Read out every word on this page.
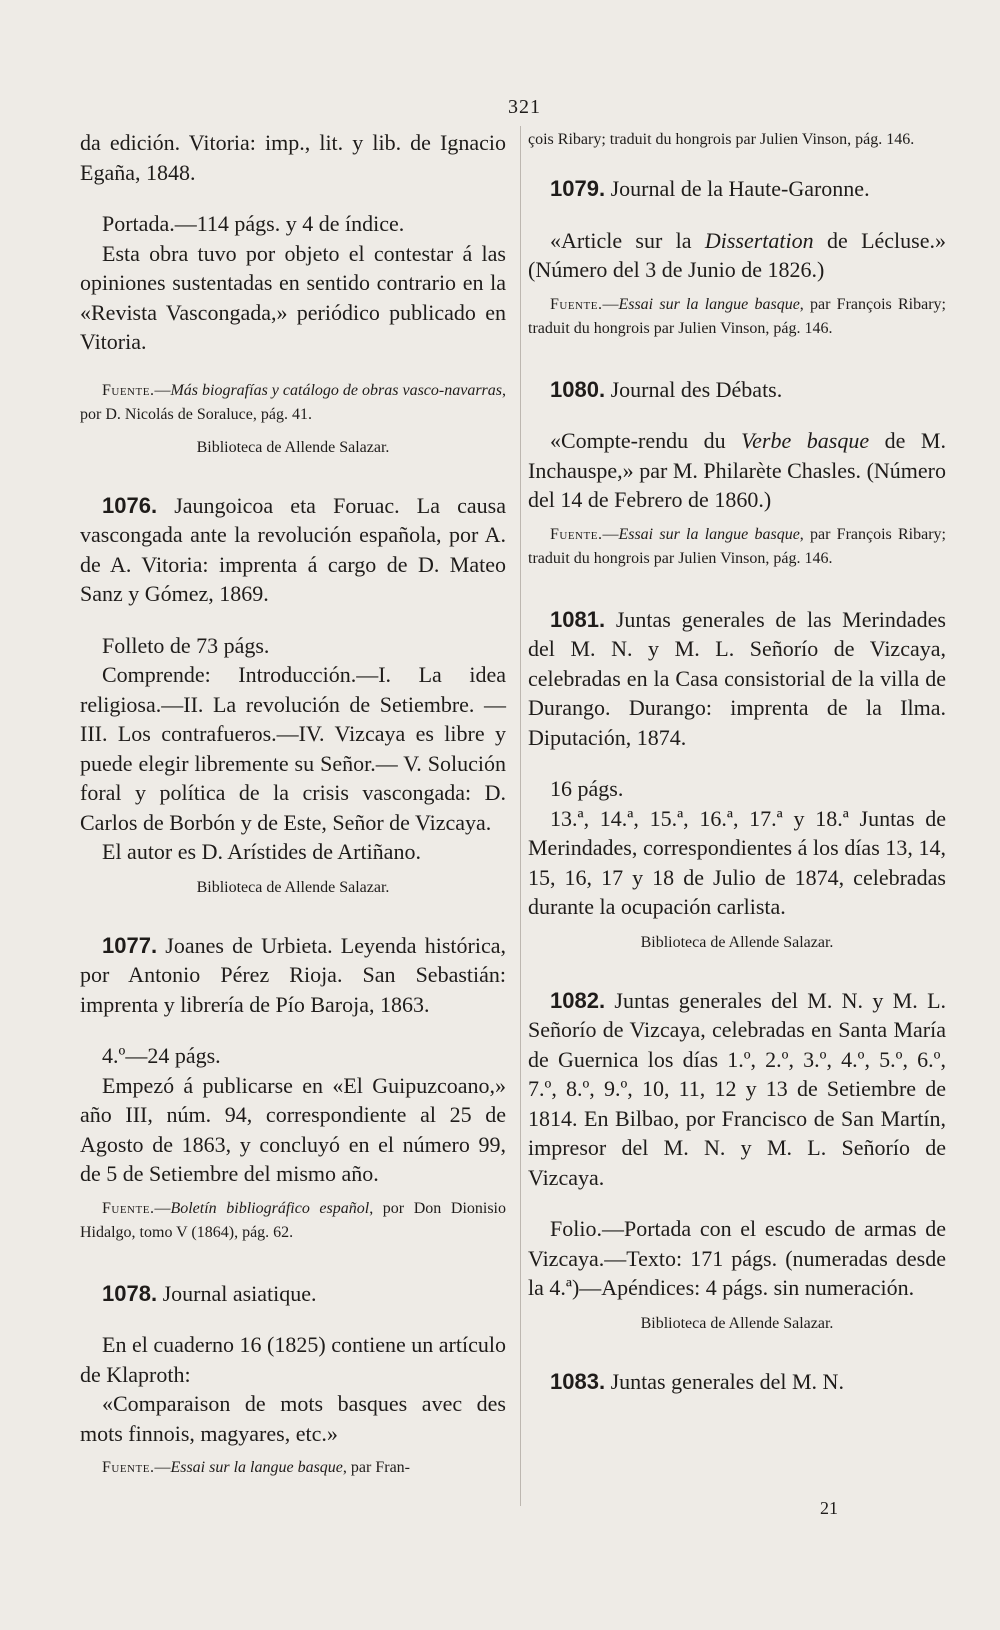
321

da edición. Vitoria: imp., lit. y lib. de Ignacio Egaña, 1848.

Portada.—114 págs. y 4 de índice.

Esta obra tuvo por objeto el contestar á las opiniones sustentadas en sentido contrario en la «Revista Vascongada,» periódico publicado en Vitoria.

Fuente.—Más biografías y catálogo de obras vasco-navarras, por D. Nicolás de Soraluce, pág. 41.

Biblioteca de Allende Salazar.

1076. Jaungoicoa eta Foruac. La causa vascongada ante la revolución española, por A. de A. Vitoria: imprenta á cargo de D. Mateo Sanz y Gómez, 1869.

Folleto de 73 págs.

Comprende: Introducción.—I. La idea religiosa.—II. La revolución de Setiembre. —III. Los contrafueros.—IV. Vizcaya es libre y puede elegir libremente su Señor.— V. Solución foral y política de la crisis vascongada: D. Carlos de Borbón y de Este, Señor de Vizcaya.

El autor es D. Arístides de Artiñano.

Biblioteca de Allende Salazar.

1077. Joanes de Urbieta. Leyenda histórica, por Antonio Pérez Rioja. San Sebastián: imprenta y librería de Pío Baroja, 1863.

4.º—24 págs.

Empezó á publicarse en «El Guipuzcoano,» año III, núm. 94, correspondiente al 25 de Agosto de 1863, y concluyó en el número 99, de 5 de Setiembre del mismo año.

Fuente.—Boletín bibliográfico español, por Don Dionisio Hidalgo, tomo V (1864), pág. 62.

1078. Journal asiatique.

En el cuaderno 16 (1825) contiene un artículo de Klaproth:

«Comparaison de mots basques avec des mots finnois, magyares, etc.»

Fuente.—Essai sur la langue basque, par Fran-

çois Ribary; traduit du hongrois par Julien Vinson, pág. 146.

1079. Journal de la Haute-Garonne.

«Article sur la Dissertation de Lécluse.» (Número del 3 de Junio de 1826.)

Fuente.—Essai sur la langue basque, par François Ribary; traduit du hongrois par Julien Vinson, pág. 146.

1080. Journal des Débats.

«Compte-rendu du Verbe basque de M. Inchauspe,» par M. Philarète Chasles. (Número del 14 de Febrero de 1860.)

Fuente.—Essai sur la langue basque, par François Ribary; traduit du hongrois par Julien Vinson, pág. 146.

1081. Juntas generales de las Merindades del M. N. y M. L. Señorío de Vizcaya, celebradas en la Casa consistorial de la villa de Durango. Durango: imprenta de la Ilma. Diputación, 1874.

16 págs.

13.ª, 14.ª, 15.ª, 16.ª, 17.ª y 18.ª Juntas de Merindades, correspondientes á los días 13, 14, 15, 16, 17 y 18 de Julio de 1874, celebradas durante la ocupación carlista.

Biblioteca de Allende Salazar.

1082. Juntas generales del M. N. y M. L. Señorío de Vizcaya, celebradas en Santa María de Guernica los días 1.º, 2.º, 3.º, 4.º, 5.º, 6.º, 7.º, 8.º, 9.º, 10, 11, 12 y 13 de Setiembre de 1814. En Bilbao, por Francisco de San Martín, impresor del M. N. y M. L. Señorío de Vizcaya.

Folio.—Portada con el escudo de armas de Vizcaya.—Texto: 171 págs. (numeradas desde la 4.ª)—Apéndices: 4 págs. sin numeración.

Biblioteca de Allende Salazar.

1083. Juntas generales del M. N.

21
